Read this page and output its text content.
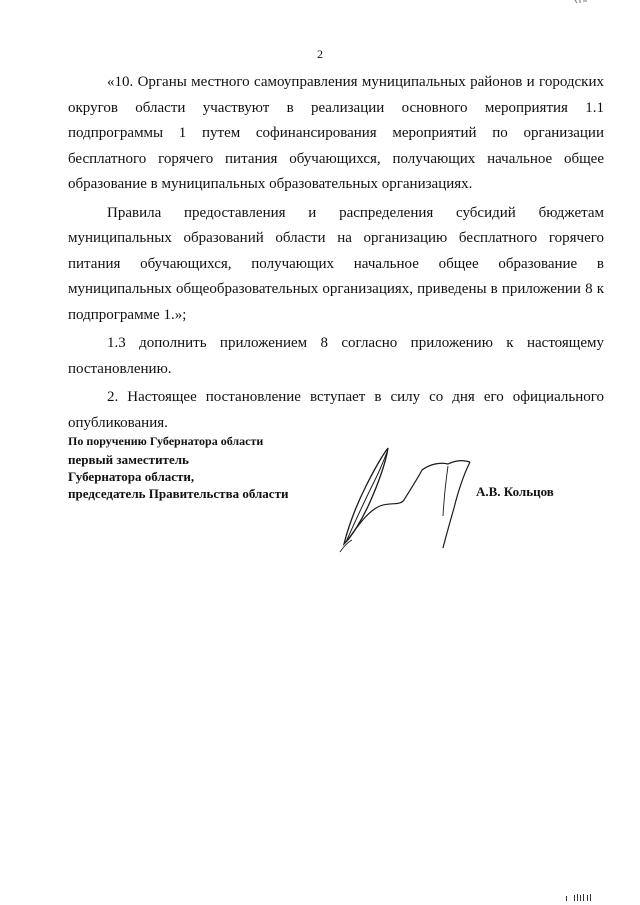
2

«10. Органы местного самоуправления муниципальных районов и городских округов области участвуют в реализации основного мероприятия 1.1 подпрограммы 1 путем софинансирования мероприятий по организации бесплатного горячего питания обучающихся, получающих начальное общее образование в муниципальных образовательных организациях.

Правила предоставления и распределения субсидий бюджетам муниципальных образований области на организацию бесплатного горячего питания обучающихся, получающих начальное общее образование в муниципальных общеобразовательных организациях, приведены в приложении 8 к подпрограмме 1.»;

1.3 дополнить приложением 8 согласно приложению к настоящему постановлению.

2. Настоящее постановление вступает в силу со дня его официального опубликования.

По поручению Губернатора области
первый заместитель
Губернатора области,
председатель Правительства области	А.В. Кольцов
